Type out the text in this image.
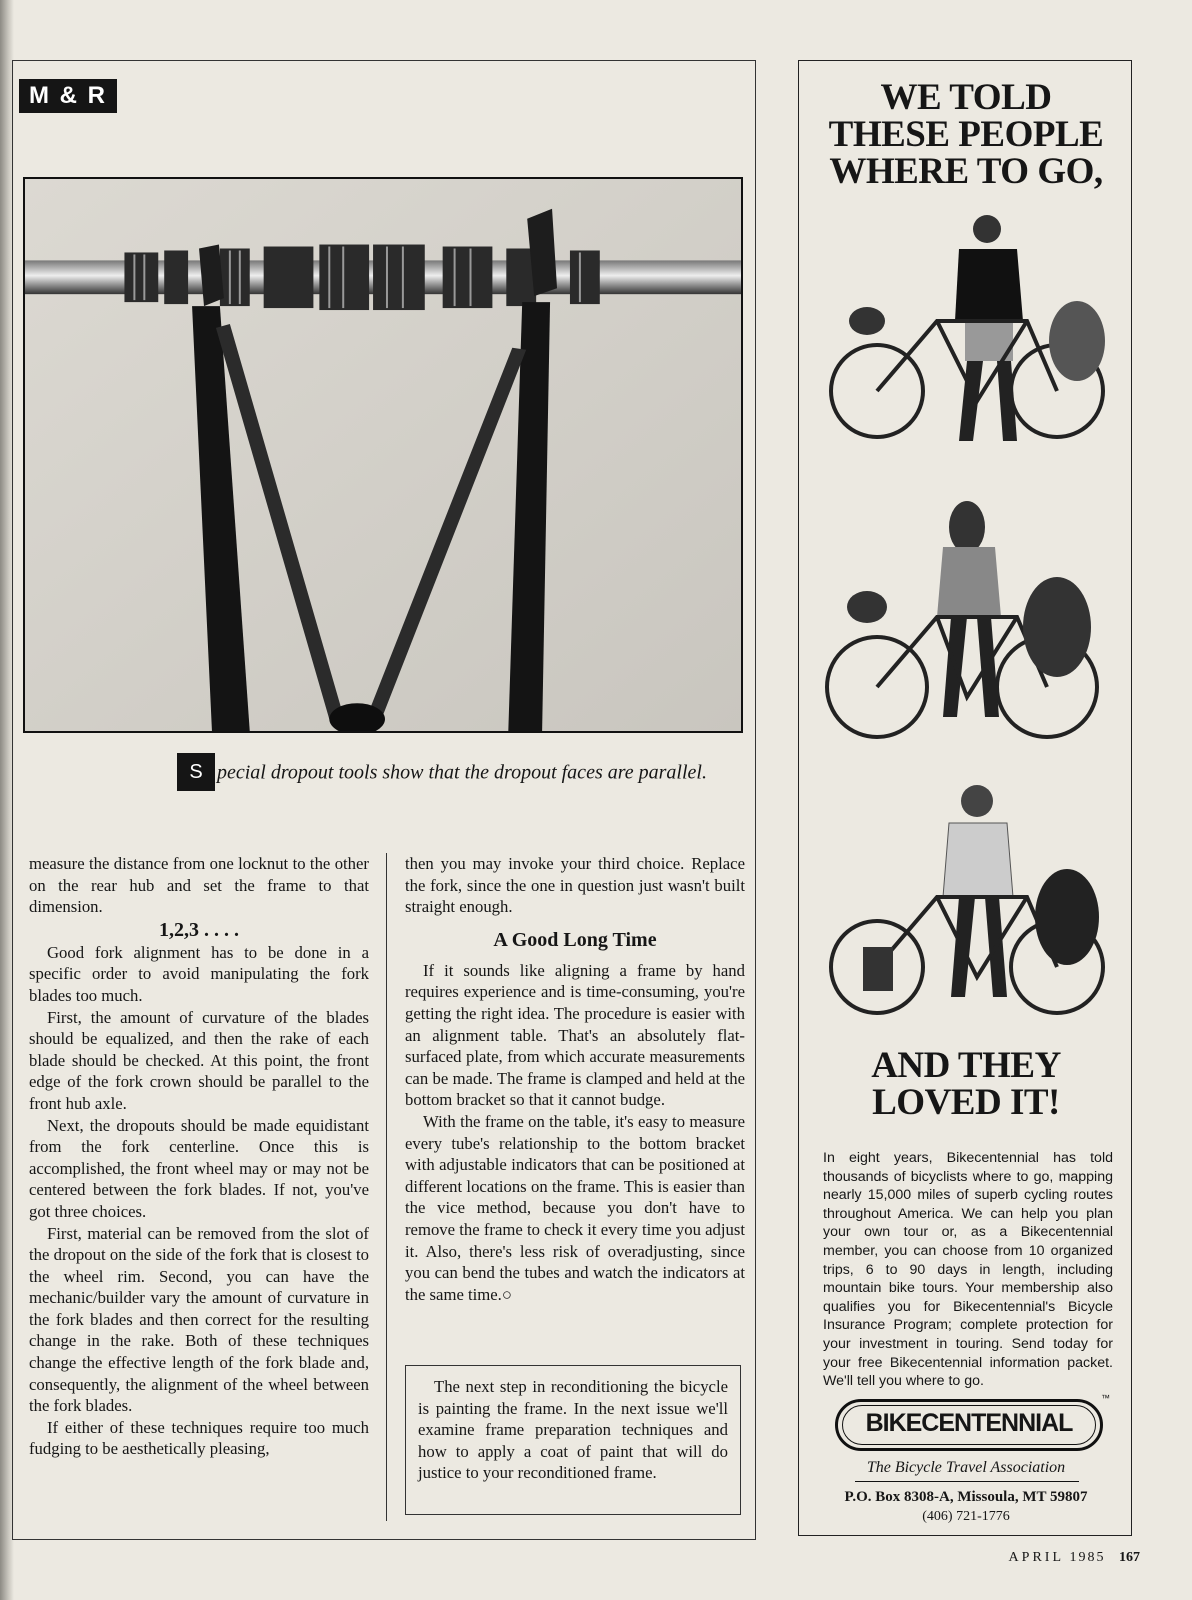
M & R
S pecial dropout tools show that the dropout faces are parallel.

measure the distance from one locknut to the other on the rear hub and set the frame to that dimension.

1,2,3 . . . .

Good fork alignment has to be done in a specific order to avoid manipulating the fork blades too much.

First, the amount of curvature of the blades should be equalized, and then the rake of each blade should be checked. At this point, the front edge of the fork crown should be parallel to the front hub axle.

Next, the dropouts should be made equidistant from the fork centerline. Once this is accomplished, the front wheel may or may not be centered between the fork blades. If not, you've got three choices.

First, material can be removed from the slot of the dropout on the side of the fork that is closest to the wheel rim. Second, you can have the mechanic/builder vary the amount of curvature in the fork blades and then correct for the resulting change in the rake. Both of these techniques change the effective length of the fork blade and, consequently, the alignment of the wheel between the fork blades.

If either of these techniques require too much fudging to be aesthetically pleasing,

then you may invoke your third choice. Replace the fork, since the one in question just wasn't built straight enough.

A Good Long Time

If it sounds like aligning a frame by hand requires experience and is time-consuming, you're getting the right idea. The procedure is easier with an alignment table. That's an absolutely flat-surfaced plate, from which accurate measurements can be made. The frame is clamped and held at the bottom bracket so that it cannot budge.

With the frame on the table, it's easy to measure every tube's relationship to the bottom bracket with adjustable indicators that can be positioned at different locations on the frame. This is easier than the vice method, because you don't have to remove the frame to check it every time you adjust it. Also, there's less risk of overadjusting, since you can bend the tubes and watch the indicators at the same time.○

The next step in reconditioning the bicycle is painting the frame. In the next issue we'll examine frame preparation techniques and how to apply a coat of paint that will do justice to your reconditioned frame.
WE TOLD
THESE PEOPLE
WHERE TO GO,
AND THEY
LOVED IT!
In eight years, Bikecentennial has told thousands of bicyclists where to go, mapping nearly 15,000 miles of superb cycling routes throughout America. We can help you plan your own tour or, as a Bikecentennial member, you can choose from 10 organized trips, 6 to 90 days in length, including mountain bike tours. Your membership also qualifies you for Bikecentennial's Bicycle Insurance Program; complete protection for your investment in touring. Send today for your free Bikecentennial information packet. We'll tell you where to go.
BIKECENTENNIAL
™
The Bicycle Travel Association
P.O. Box 8308-A, Missoula, MT 59807
(406) 721-1776
APRIL 1985 167
